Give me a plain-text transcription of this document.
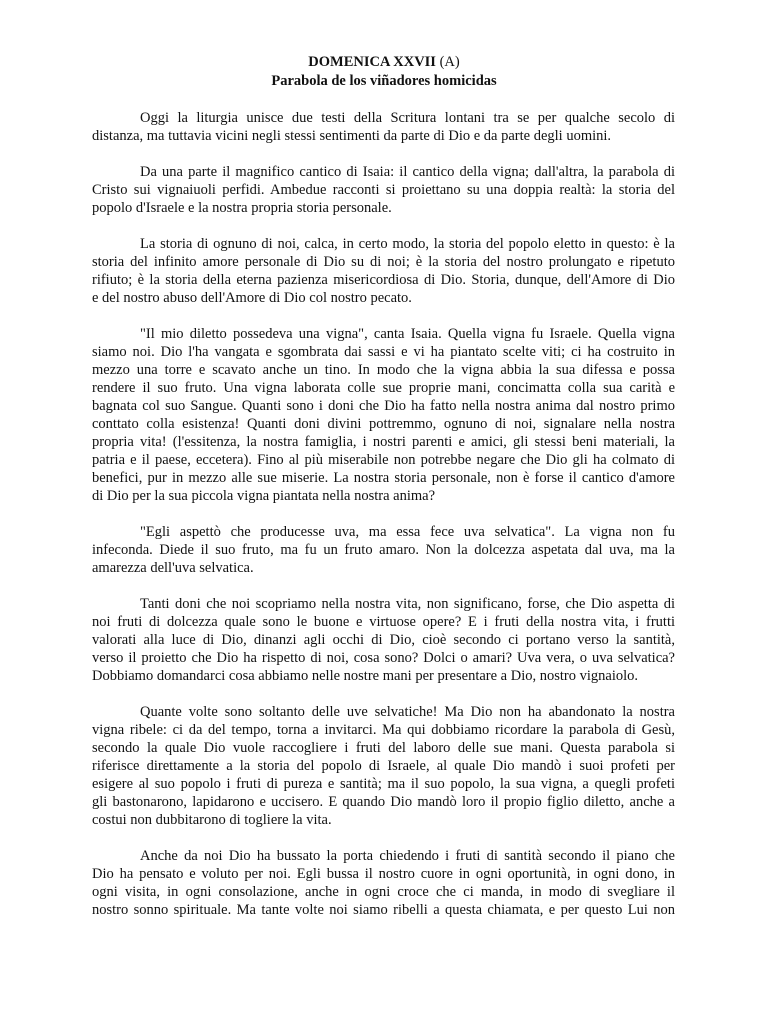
DOMENICA XXVII (A)
Parabola de los viñadores homicidas
Oggi la liturgia unisce due testi della Scritura lontani tra se per qualche secolo di
distanza, ma tuttavia vicini negli stessi sentimenti da parte di Dio e da parte degli uomini.
Da una parte il magnifico cantico di Isaia: il cantico della vigna; dall'altra, la parabola di
Cristo sui vignaiuoli perfidi. Ambedue racconti si proiettano su una doppia realtà: la storia del
popolo d'Israele e la nostra propria storia personale.
La storia di ognuno di noi, calca, in certo modo, la storia del popolo eletto in questo: è la
storia del infinito amore personale di Dio su di noi; è la storia del nostro prolungato e ripetuto
rifiuto; è la storia della eterna pazienza misericordiosa di Dio. Storia, dunque, dell'Amore di Dio
e del nostro abuso dell'Amore di Dio col nostro pecato.
"Il mio diletto possedeva una vigna", canta Isaia. Quella vigna fu Israele. Quella vigna
siamo noi. Dio l'ha vangata e sgombrata dai sassi e vi ha piantato scelte viti; ci ha costruito in
mezzo una torre e scavato anche un tino. In modo che la vigna abbia la sua difessa e possa
rendere il suo fruto. Una vigna laborata colle sue proprie mani, concimatta colla sua carità e
bagnata col suo Sangue. Quanti sono i doni che Dio ha fatto nella nostra anima dal nostro primo
conttato colla esistenza! Quanti doni divini pottremmo, ognuno di noi, signalare nella nostra
propria vita! (l'essitenza, la nostra famiglia, i nostri parenti e amici, gli stessi beni materiali, la
patria e il paese, eccetera). Fino al più miserabile non potrebbe negare che Dio gli ha colmato di
benefici, pur in mezzo alle sue miserie. La nostra storia personale, non è forse il cantico d'amore
di Dio per la sua piccola vigna piantata nella nostra anima?
"Egli aspettò che producesse uva, ma essa fece uva selvatica". La vigna non fu
infeconda. Diede il suo fruto, ma fu un fruto amaro. Non la dolcezza aspetata dal uva, ma la
amarezza dell'uva selvatica.
Tanti doni che noi scopriamo nella nostra vita, non significano, forse, che Dio aspetta di
noi fruti di dolcezza quale sono le buone e virtuose opere? E i fruti della nostra vita, i frutti
valorati alla luce di Dio, dinanzi agli occhi di Dio, cioè secondo ci portano verso la santità,
verso il proietto che Dio ha rispetto di noi, cosa sono? Dolci o amari? Uva vera, o uva selvatica?
Dobbiamo domandarci cosa abbiamo nelle nostre mani per presentare a Dio, nostro vignaiolo.
Quante volte sono soltanto delle uve selvatiche! Ma Dio non ha abandonato la nostra
vigna ribele: ci da del tempo, torna a invitarci. Ma qui dobbiamo ricordare la parabola di Gesù,
secondo la quale Dio vuole raccogliere i fruti del laboro delle sue mani. Questa parabola si
riferisce direttamente a la storia del popolo di Israele, al quale Dio mandò i suoi profeti per
esigere al suo popolo i fruti di pureza e santità; ma il suo popolo, la sua vigna, a quegli profeti
gli bastonarono, lapidarono e uccisero. E quando Dio mandò loro il propio figlio diletto, anche a
costui non dubbitarono di togliere la vita.
Anche da noi Dio ha bussato la porta chiedendo i fruti di santità secondo il piano che
Dio ha pensato e voluto per noi. Egli bussa il nostro cuore in ogni oportunità, in ogni dono, in
ogni visita, in ogni consolazione, anche in ogni croce che ci manda, in modo di svegliare il
nostro sonno spirituale. Ma tante volte noi siamo ribelli a questa chiamata, e per questo Lui non
